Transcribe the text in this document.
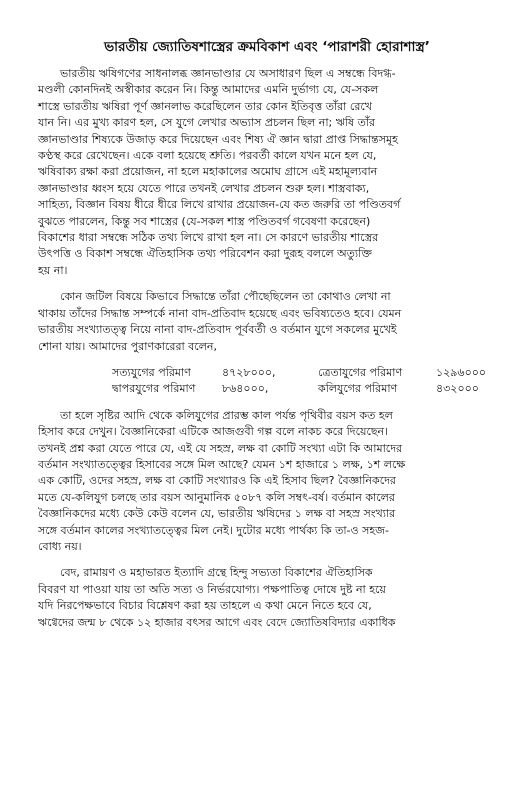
ভারতীয় জ্যোতিষশাস্ত্রের ক্রমবিকাশ এবং ‘পারাশরী হোরাশাস্ত্র’
ভারতীয় ঋষিগণের সাধনালব্ধ জ্ঞানভাণ্ডার যে অসাধারণ ছিল এ সম্বন্ধে বিদগ্ধ-
মণ্ডলী কোনদিনই অস্বীকার করেন নি। কিন্তু আমাদের এমনি দুর্ভাগ্য যে, যে-সকল
শাস্ত্রে ভারতীয় ঋষিরা পূর্ণ জ্ঞানলাভ করেছিলেন তার কোন ইতিবৃত্ত তাঁরা রেখে
যান নি। এর মুখ্য কারণ হল, সে যুগে লেখার অভ্যাস প্রচলন ছিল না; ঋষি তাঁর
জ্ঞানভাণ্ডার শিষ্যকে উজাড় করে দিয়েছেন এবং শিষ্য ঐ জ্ঞান দ্বারা প্রাপ্ত সিদ্ধান্তসমূহ
কণ্ঠস্থ করে রেখেছেন। একে বলা হয়েছে শ্রুতি। পরবর্তী কালে যখন মনে হল যে,
ঋষিবাক্য রক্ষা করা প্রয়োজন, না হলে মহাকালের অমোঘ গ্রাসে এই মহামূল্যবান
জ্ঞানভাণ্ডার ধ্বংস হয়ে যেতে পারে তখনই লেখার প্রচলন শুরু হল। শাস্ত্রবাক্য,
সাহিত্য, বিজ্ঞান বিষয় ধীরে ধীরে লিখে রাখার প্রয়োজন-যে কত জরুরি তা পণ্ডিতবর্গ
বুঝতে পারলেন, কিন্তু সব শাস্ত্রের (যে-সকল শাস্ত্র পণ্ডিতবর্গ গবেষণা করেছেন)
বিকাশের ধারা সম্বন্ধে সঠিক তথ্য লিখে রাখা হল না। সে কারণে ভারতীয় শাস্ত্রের
উৎপত্তি ও বিকাশ সম্বন্ধে ঐতিহাসিক তথ্য পরিবেশন করা দুরূহ বললে অত্যুক্তি
হয় না।
কোন জটিল বিষয়ে কিভাবে সিদ্ধান্তে তাঁরা পৌছেছিলেন তা কোথাও লেখা না
থাকায় তাঁদের সিদ্ধান্ত সম্পর্কে নানা বাদ-প্রতিবাদ হয়েছে এবং ভবিষ্যতেও হবে। যেমন
ভারতীয় সংখ্যাতত্ত্ব নিয়ে নানা বাদ-প্রতিবাদ পূর্ববর্তী ও বর্তমান যুগে সকলের মুখেই
শোনা যায়। আমাদের পুরাণকারেরা বলেন,
সত্যযুগের পরিমাণ	৪৭২৮০০০,	ত্রেতাযুগের পরিমাণ	১২৯৬০০০
দ্বাপরযুগের পরিমাণ	৮৬৪০০০,	কলিযুগের পরিমাণ	৪৩২০০০
তা হলে সৃষ্টির আদি থেকে কলিযুগের প্রারম্ভ কাল পর্যন্ত পৃথিবীর বয়স কত হল
হিসাব করে দেখুন। বৈজ্ঞানিকেরা এটিকে আজগুবী গল্প বলে নাকচ করে দিয়েছেন।
তখনই প্রশ্ন করা যেতে পারে যে, এই যে সহস্র, লক্ষ বা কোটি সংখ্যা এটা কি আমাদের
বর্তমান সংখ্যাতত্ত্বের হিসাবের সঙ্গে মিল আছে? যেমন ১শ হাজারে ১ লক্ষ, ১শ লক্ষে
এক কোটি, ওদের সহস্র, লক্ষ বা কোটি সংখ্যারও কি এই হিসাব ছিল? বৈজ্ঞানিকদের
মতে যে-কলিযুগ চলছে তার বয়স আনুমানিক ৫০৮৭ কলি সম্বৎ-বর্ষ। বর্তমান কালের
বৈজ্ঞানিকদের মধ্যে কেউ কেউ বলেন যে, ভারতীয় ঋষিদের ১ লক্ষ বা সহস্র সংখ্যার
সঙ্গে বর্তমান কালের সংখ্যাতত্ত্বের মিল নেই। দুটোর মধ্যে পার্থক্য কি তা-ও সহজ-
বোধ্য নয়।
বেদ, রামায়ণ ও মহাভারত ইত্যাদি গ্রন্থে হিন্দু সভ্যতা বিকাশের ঐতিহাসিক
বিবরণ যা পাওয়া যায় তা অতি সত্য ও নির্ভরযোগ্য। পক্ষপাতিত্ব দোষে দুষ্ট না হয়ে
যদি নিরপেক্ষভাবে বিচার বিশ্লেষণ করা হয় তাহলে এ কথা মেনে নিতে হবে যে,
ঋগ্বেদের জন্ম ৮ থেকে ১২ হাজার বৎসর আগে এবং বেদে জ্যোতিষবিদ্যার একাধিক
